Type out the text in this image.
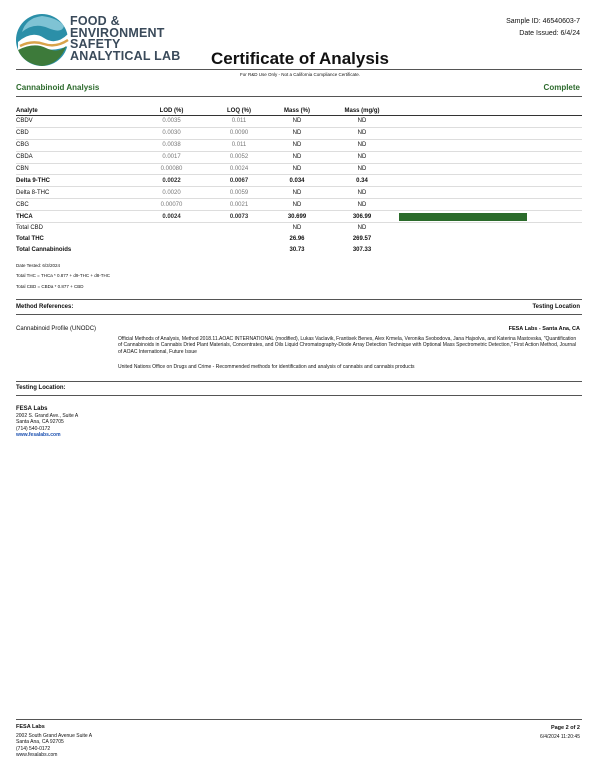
FOOD &
ENVIRONMENT
SAFETY
ANALYTICAL LAB
Sample ID: 46540603-7
Date Issued: 6/4/24
Certificate of Analysis
For R&D Use Only - Not a California Compliance Certificate.
Cannabinoid Analysis	Complete
Analyte	LOD (%)	LOQ (%)	Mass (%)	Mass (mg/g)	
CBDV	0.0035	0.011	ND	ND	
CBD	0.0030	0.0090	ND	ND	
CBG	0.0038	0.011	ND	ND	
CBDA	0.0017	0.0052	ND	ND	
CBN	0.00080	0.0024	ND	ND	
Delta 9-THC	0.0022	0.0067	0.034	0.34	
Delta 8-THC	0.0020	0.0059	ND	ND	
CBC	0.00070	0.0021	ND	ND	
THCA	0.0024	0.0073	30.699	306.99	

Total CBD			ND	ND	
Total THC			26.96	269.57	
Total Cannabinoids			30.73	307.33	
Date Tested: 6/3/2024
Total THC = THCa * 0.877 + d9-THC + d8-THC
Total CBD = CBDa * 0.877 + CBD
Method References:	Testing Location
Cannabinoid Profile (UNODC)	FESA Labs - Santa Ana, CA
Official Methods of Analysis, Method 2018.11.AOAC INTERNATIONAL (modified), Lukas Vaclavik, Frantisek Benes, Alex Krmela, Veronika Svobodova, Jana Hajsolva, and Katerina Mastovska, "Quantification of Cannabinoids in Cannabis Dried Plant Materials, Concentrates, and Oils Liquid Chromatography-Diode Array Detection Technique with Optional Mass Spectrometric Detection," First Action Method, Journal of AOAC International, Future Issue
United Nations Office on Drugs and Crime - Recommended methods for identification and analysis of cannabis and cannabis products
Testing Location:
FESA Labs
2002 S. Grand Ave., Suite A
Santa Ana, CA 92705
(714) 540-0172
www.fesalabs.com
FESA Labs
2002 South Grand Avenue Suite A
Santa Ana, CA 92705
(714) 540-0172
www.fesalabs.com
Page 2 of 2
6/4/2024 11:20:45
